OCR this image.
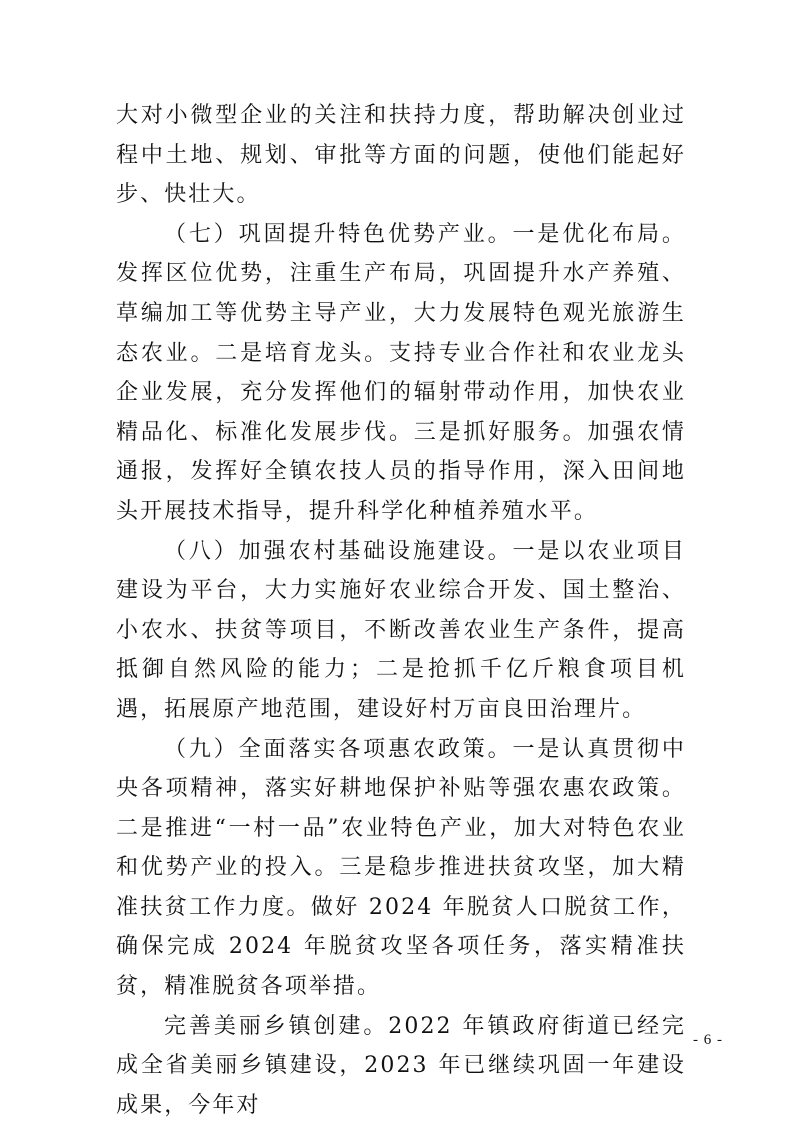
大对小微型企业的关注和扶持力度，帮助解决创业过程中土地、规划、审批等方面的问题，使他们能起好步、快壮大。

（七）巩固提升特色优势产业。一是优化布局。发挥区位优势，注重生产布局，巩固提升水产养殖、草编加工等优势主导产业，大力发展特色观光旅游生态农业。二是培育龙头。支持专业合作社和农业龙头企业发展，充分发挥他们的辐射带动作用，加快农业精品化、标准化发展步伐。三是抓好服务。加强农情通报，发挥好全镇农技人员的指导作用，深入田间地头开展技术指导，提升科学化种植养殖水平。

（八）加强农村基础设施建设。一是以农业项目建设为平台，大力实施好农业综合开发、国土整治、小农水、扶贫等项目，不断改善农业生产条件，提高抵御自然风险的能力；二是抢抓千亿斤粮食项目机遇，拓展原产地范围，建设好村万亩良田治理片。

（九）全面落实各项惠农政策。一是认真贯彻中央各项精神，落实好耕地保护补贴等强农惠农政策。二是推进“一村一品”农业特色产业，加大对特色农业和优势产业的投入。三是稳步推进扶贫攻坚，加大精准扶贫工作力度。做好 2024 年脱贫人口脱贫工作，确保完成 2024 年脱贫攻坚各项任务，落实精准扶贫，精准脱贫各项举措。

完善美丽乡镇创建。2022 年镇政府街道已经完成全省美丽乡镇建设，2023 年已继续巩固一年建设成果，今年对

- 6 -
